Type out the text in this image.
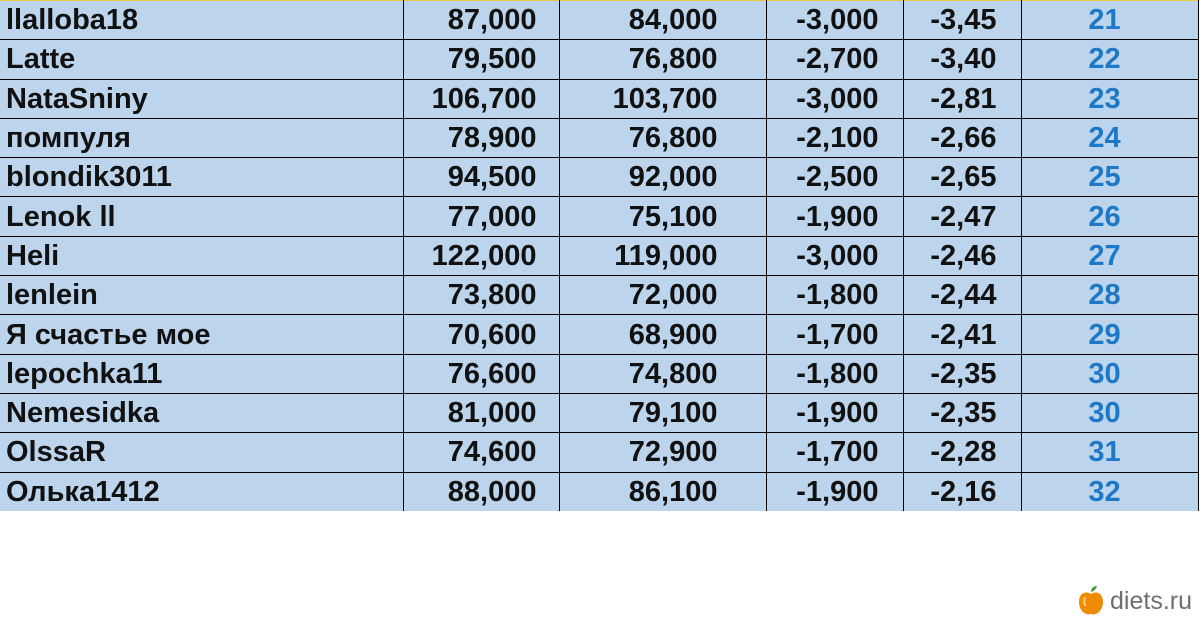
llalloba18	87,000	84,000	-3,000	-3,45	21
Latte	79,500	76,800	-2,700	-3,40	22
NataSniny	106,700	103,700	-3,000	-2,81	23
помпуля	78,900	76,800	-2,100	-2,66	24
blondik3011	94,500	92,000	-2,500	-2,65	25
Lenok ll	77,000	75,100	-1,900	-2,47	26
Heli	122,000	119,000	-3,000	-2,46	27
lenlein	73,800	72,000	-1,800	-2,44	28
Я счастье мое	70,600	68,900	-1,700	-2,41	29
lepochka11	76,600	74,800	-1,800	-2,35	30
Nemesidka	81,000	79,100	-1,900	-2,35	30
OlssaR	74,600	72,900	-1,700	-2,28	31
Олька1412	88,000	86,100	-1,900	-2,16	32
diets.ru
